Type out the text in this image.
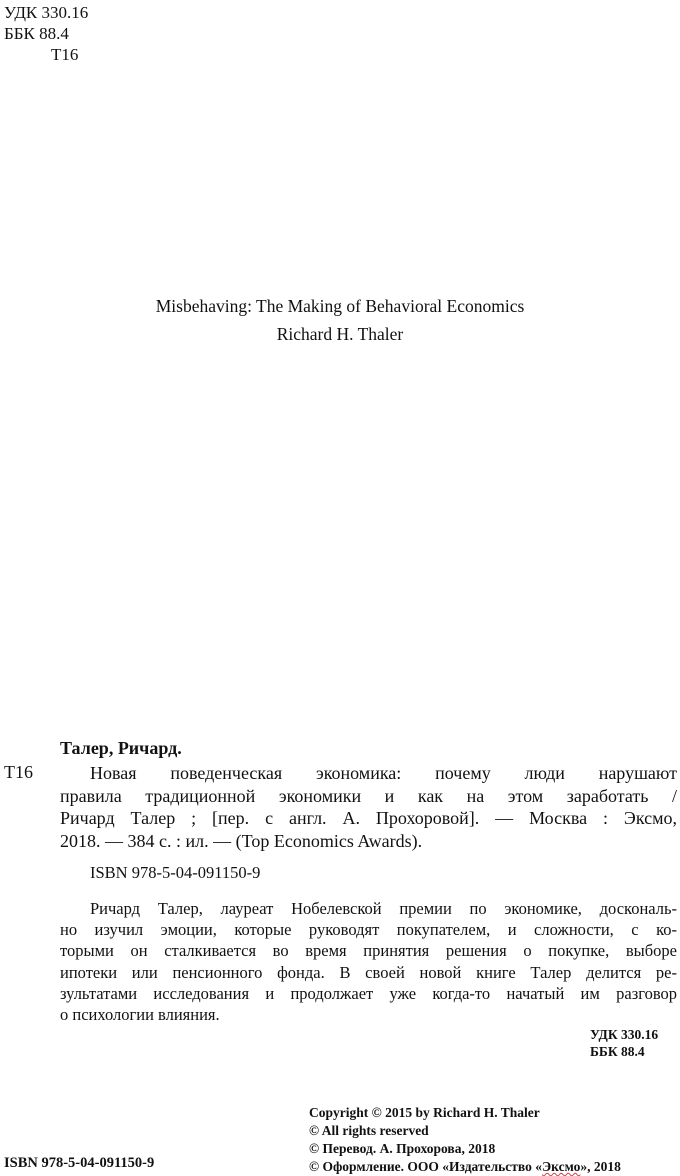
УДК 330.16
ББК 88.4
Т16
Misbehaving: The Making of Behavioral Economics
Richard H. Thaler
Талер, Ричард.
Т16	Новая поведенческая экономика: почему люди нарушают
правила традиционной экономики и как на этом заработать /
Ричард Талер ; [пер. с англ. А. Прохоровой]. — Москва : Эксмо,
2018. — 384 с. : ил. — (Top Economics Awards).
ISBN 978-5-04-091150-9
Ричард Талер, лауреат Нобелевской премии по экономике, доскональ-
но изучил эмоции, которые руководят покупателем, и сложности, с ко-
торыми он сталкивается во время принятия решения о покупке, выборе
ипотеки или пенсионного фонда. В своей новой книге Талер делится ре-
зультатами исследования и продолжает уже когда-то начатый им разговор
о психологии влияния.
УДК 330.16
ББК 88.4
Copyright © 2015 by Richard H. Thaler
© All rights reserved
© Перевод. А. Прохорова, 2018
© Оформление. ООО «Издательство «Эксмо», 2018
ISBN 978-5-04-091150-9
